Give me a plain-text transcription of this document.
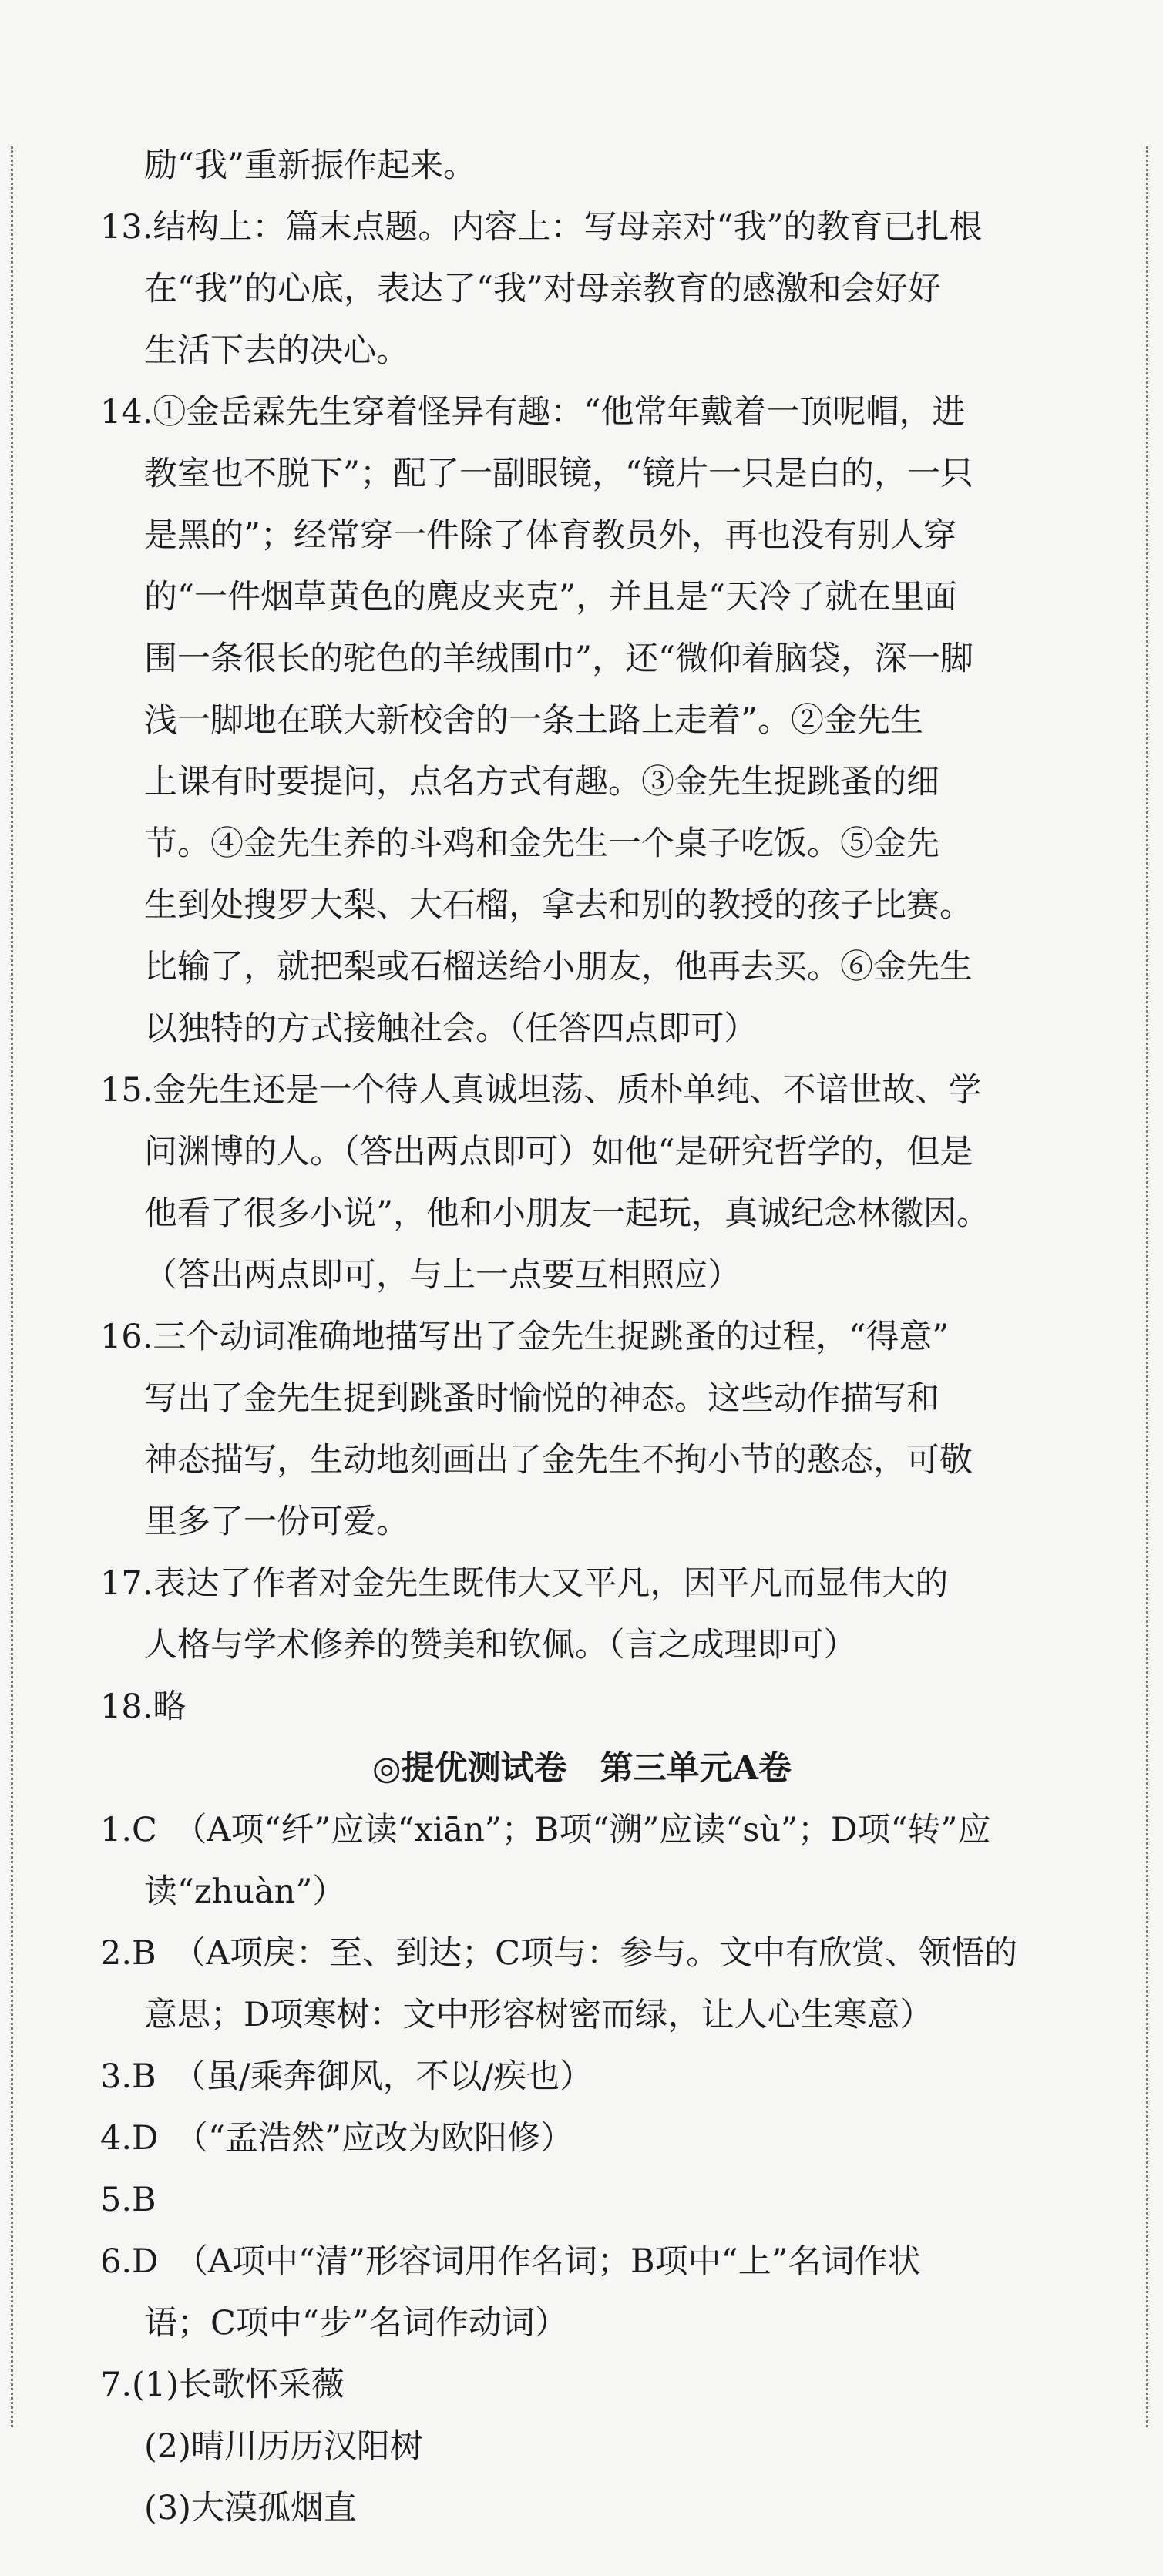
励“我”重新振作起来。
13.结构上：篇末点题。内容上：写母亲对“我”的教育已扎根
在“我”的心底，表达了“我”对母亲教育的感激和会好好
生活下去的决心。
14.①金岳霖先生穿着怪异有趣：“他常年戴着一顶呢帽，进
教室也不脱下”；配了一副眼镜，“镜片一只是白的，一只
是黑的”；经常穿一件除了体育教员外，再也没有别人穿
的“一件烟草黄色的麂皮夹克”，并且是“天冷了就在里面
围一条很长的驼色的羊绒围巾”，还“微仰着脑袋，深一脚
浅一脚地在联大新校舍的一条土路上走着”。②金先生
上课有时要提问，点名方式有趣。③金先生捉跳蚤的细
节。④金先生养的斗鸡和金先生一个桌子吃饭。⑤金先
生到处搜罗大梨、大石榴，拿去和别的教授的孩子比赛。
比输了，就把梨或石榴送给小朋友，他再去买。⑥金先生
以独特的方式接触社会。（任答四点即可）
15.金先生还是一个待人真诚坦荡、质朴单纯、不谙世故、学
问渊博的人。（答出两点即可）如他“是研究哲学的，但是
他看了很多小说”，他和小朋友一起玩，真诚纪念林徽因。
（答出两点即可，与上一点要互相照应）
16.三个动词准确地描写出了金先生捉跳蚤的过程，“得意”
写出了金先生捉到跳蚤时愉悦的神态。这些动作描写和
神态描写，生动地刻画出了金先生不拘小节的憨态，可敬
里多了一份可爱。
17.表达了作者对金先生既伟大又平凡，因平凡而显伟大的
人格与学术修养的赞美和钦佩。（言之成理即可）
18.略
◎提优测试卷　第三单元A卷
1.C　（A项“纤”应读“xiān”；B项“溯”应读“sù”；D项“转”应
读“zhuàn”）
2.B　（A项戾：至、到达；C项与：参与。文中有欣赏、领悟的
意思；D项寒树：文中形容树密而绿，让人心生寒意）
3.B　（虽/乘奔御风，不以/疾也）
4.D　（“孟浩然”应改为欧阳修）
5.B
6.D　（A项中“清”形容词用作名词；B项中“上”名词作状
语；C项中“步”名词作动词）
7.(1)长歌怀采薇
(2)晴川历历汉阳树
(3)大漠孤烟直
